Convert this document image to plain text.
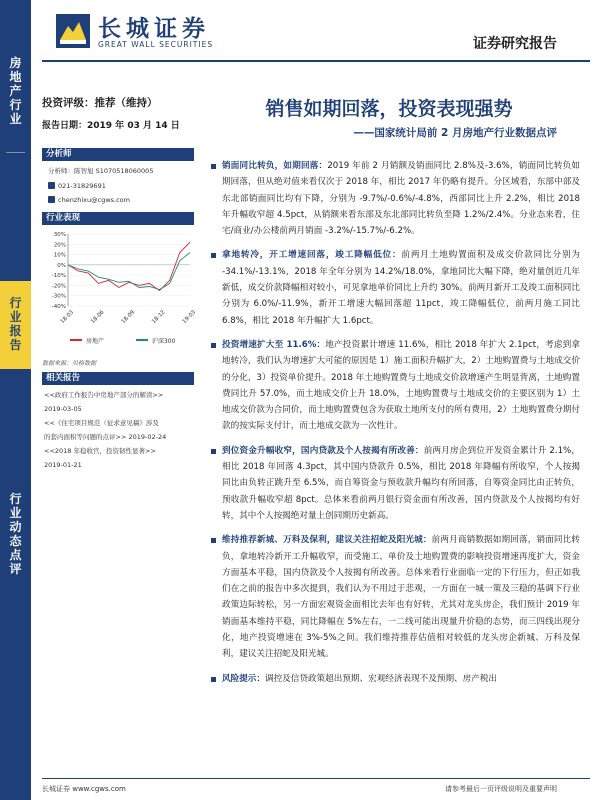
房地产行业
行业报告
行业动态点评
长城证券
GREAT WALL SECURITIES	证券研究报告
投资评级：推荐（维持）
报告日期：2019 年 03 月 14 日
销售如期回落，投资表现强势
——国家统计局前 2 月房地产行业数据点评
分析师
分析师：陈智旭 S1070518060005
021-31829691
chenzhixu@cgws.com
行业表现
30%
20%
10%
0%
-10%
-20%
-30%
-40%
18-03	18-06	18-09	18-12	19-03
房地产	沪深300
数据来源：贝格数据
相关报告
<<政府工作报告中房地产部分的解读>>
2019-03-05
<<《住宅项目规范（征求意见稿》涉及
的套内面积等问题的点评>> 2019-02-24
<<2018 年稳收官，投资韧性显著>>
2019-01-21
销面同比转负，如期回落：2019 年前 2 月销额及销面同比 2.8%及-3.6%，销面同比转负如期回落，但从绝对值来看仅次于 2018 年，相比 2017 年仍略有提升。分区域看，东部中部及东北部销面同比均有下降，分别为 -9.7%/-0.6%/-4.8%，西部同比上升 2.2%，相比 2018 年升幅收窄超 4.5pct，从销额来看东部及东北部同比转负至降 1.2%/2.4%。分业态来看，住宅/商业/办公楼前两月销面 -3.2%/-15.7%/-6.2%。
拿地转冷，开工增速回落，竣工降幅低位：前两月土地购置面积及成交价款同比分别为 -34.1%/-13.1%，2018 年全年分别为 14.2%/18.0%，拿地同比大幅下降，绝对量创近几年新低，成交价款降幅相对较小，可见拿地单价同比上升约 30%。前两月新开工及竣工面积同比分别为 6.0%/-11.9%，新开工增速大幅回落超 11pct，竣工降幅低位，前两月施工同比 6.8%，相比 2018 年升幅扩大 1.6pct。
投资增速扩大至 11.6%：地产投资累计增速 11.6%，相比 2018 年扩大 2.1pct，考虑到拿地转冷，我们认为增速扩大可能的原因是 1）施工面积升幅扩大，2）土地购置费与土地成交价的分化，3）投资单价提升。2018 年土地购置费与土地成交价款增速产生明显背离，土地购置费同比升 57.0%，而土地成交价上升 18.0%，土地购置费与土地成交价的主要区别为 1）土地成交价款为合同价，而土地购置费包含为获取土地所支付的所有费用，2）土地购置费分期付款的按实际支付计，而土地成交款为一次性计。
到位资金升幅收窄，国内贷款及个人按揭有所改善：前两月房企到位开发资金累计升 2.1%，相比 2018 年回落 4.3pct，其中国内贷款升 0.5%，相比 2018 年降幅有所收窄，个人按揭同比由负转正跳升至 6.5%，而自筹资金与预收款升幅均有所回落，自筹资金同比由正转负，预收款升幅收窄超 8pct。总体来看前两月银行资金面有所改善，国内贷款及个人按揭均有好转，其中个人按揭绝对量上创同期历史新高。
维持推荐新城、万科及保利，建议关注招蛇及阳光城：前两月商销数据如期回落，销面同比转负，拿地转冷新开工升幅收窄，而受施工、单价及土地购置费的影响投资增速再度扩大，资金方面基本平稳，国内贷款及个人按揭有所改善。总体来看行业面临一定的下行压力，但正如我们在之前的报告中多次提到，我们认为不用过于悲观，一方面在一城一策及三稳的基调下行业政策边际转松，另一方面宏观资金面相比去年也有好转，尤其对龙头房企，我们预计 2019 年销面基本维持平稳，同比降幅在 5%左右，一二线可能出现量升价稳的态势，而三四线出现分化，地产投资增速在 3%-5%之间。我们维持推荐估值相对较低的龙头房企新城、万科及保利，建议关注招蛇及阳光城。
风险提示：调控及信贷政策超出预期、宏观经济表现不及预期、房产税出
长城证券 www.cgws.com	请参考最后一页评级说明及重要声明
